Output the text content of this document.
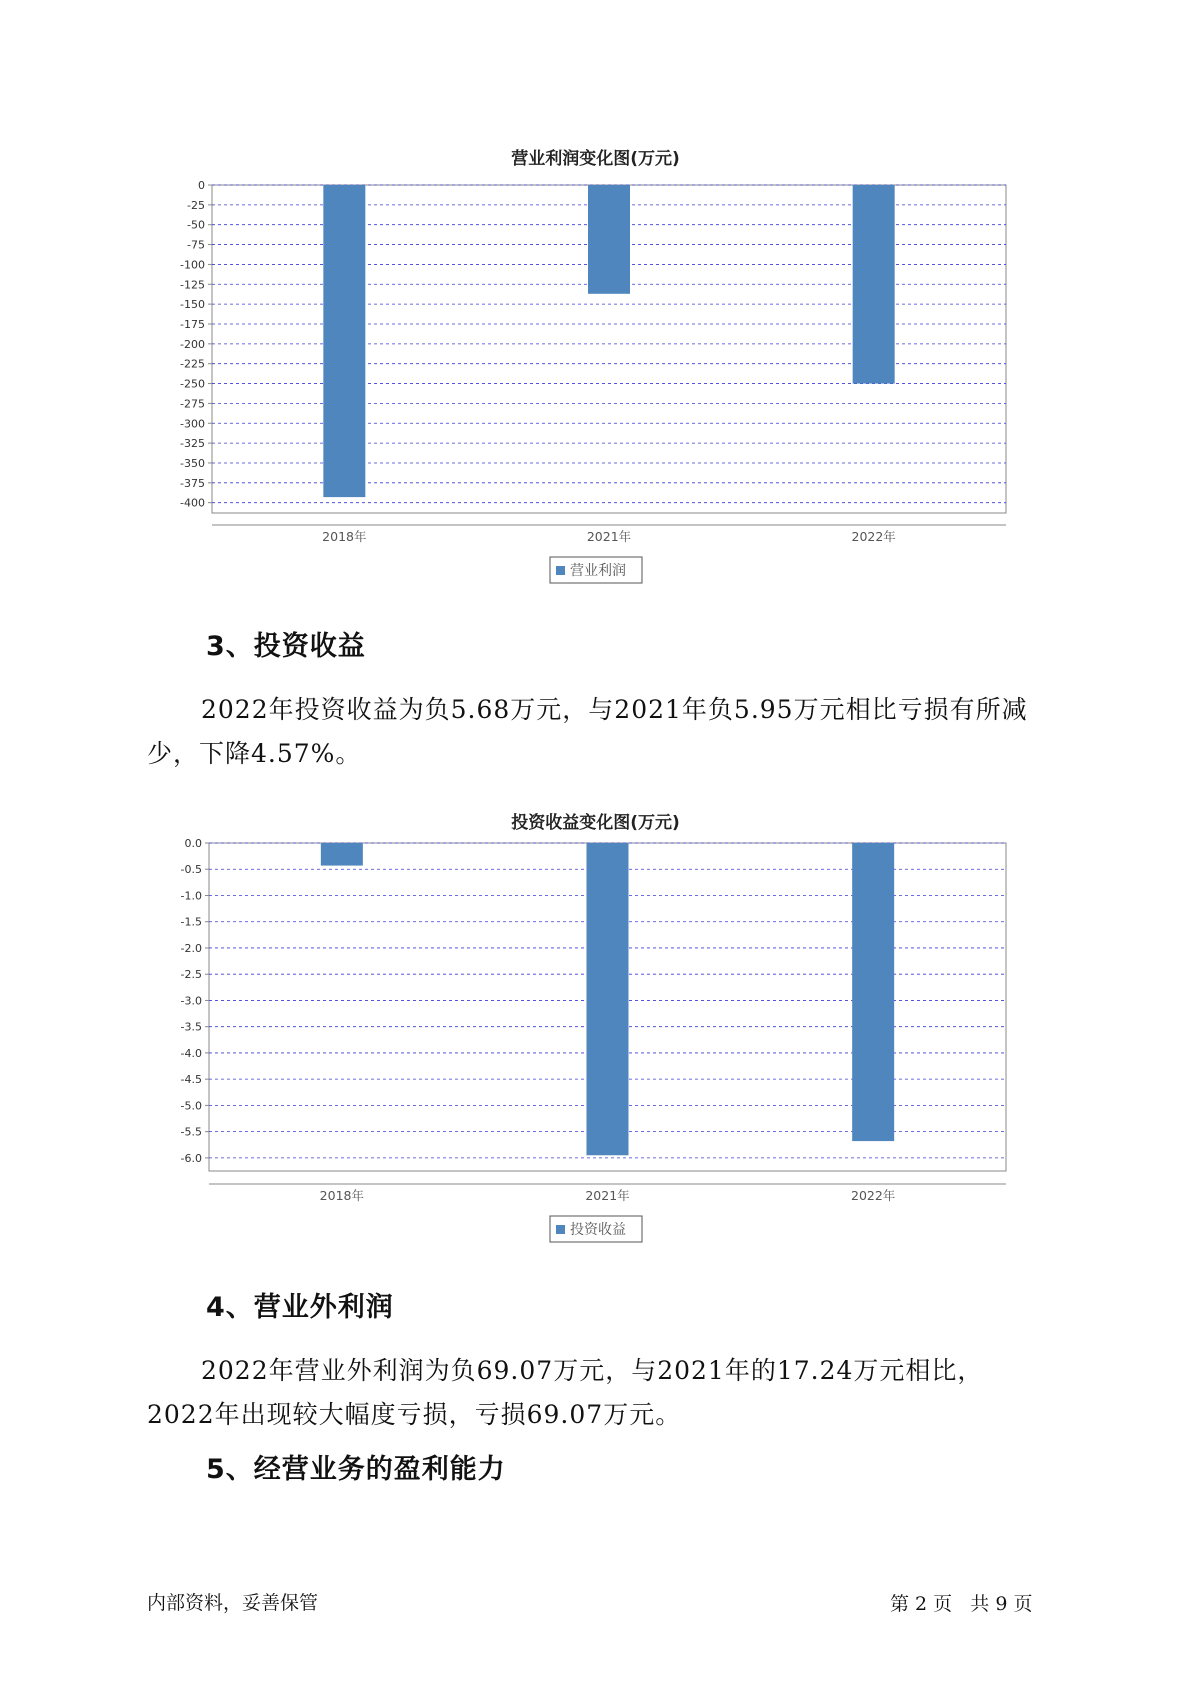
营业利润变化图(万元)
0
-25
-50
-75
-100
-125
-150
-175
-200
-225
-250
-275
-300
-325
-350
-375
-400
2018年	2021年	2022年
营业利润
3、投资收益
2022年投资收益为负5.68万元，与2021年负5.95万元相比亏损有所减少，下降4.57%。
投资收益变化图(万元)
0.0
-0.5
-1.0
-1.5
-2.0
-2.5
-3.0
-3.5
-4.0
-4.5
-5.0
-5.5
-6.0
2018年	2021年	2022年
投资收益
4、营业外利润
2022年营业外利润为负69.07万元，与2021年的17.24万元相比，2022年出现较大幅度亏损，亏损69.07万元。
5、经营业务的盈利能力
内部资料，妥善保管	第 2 页   共 9 页
